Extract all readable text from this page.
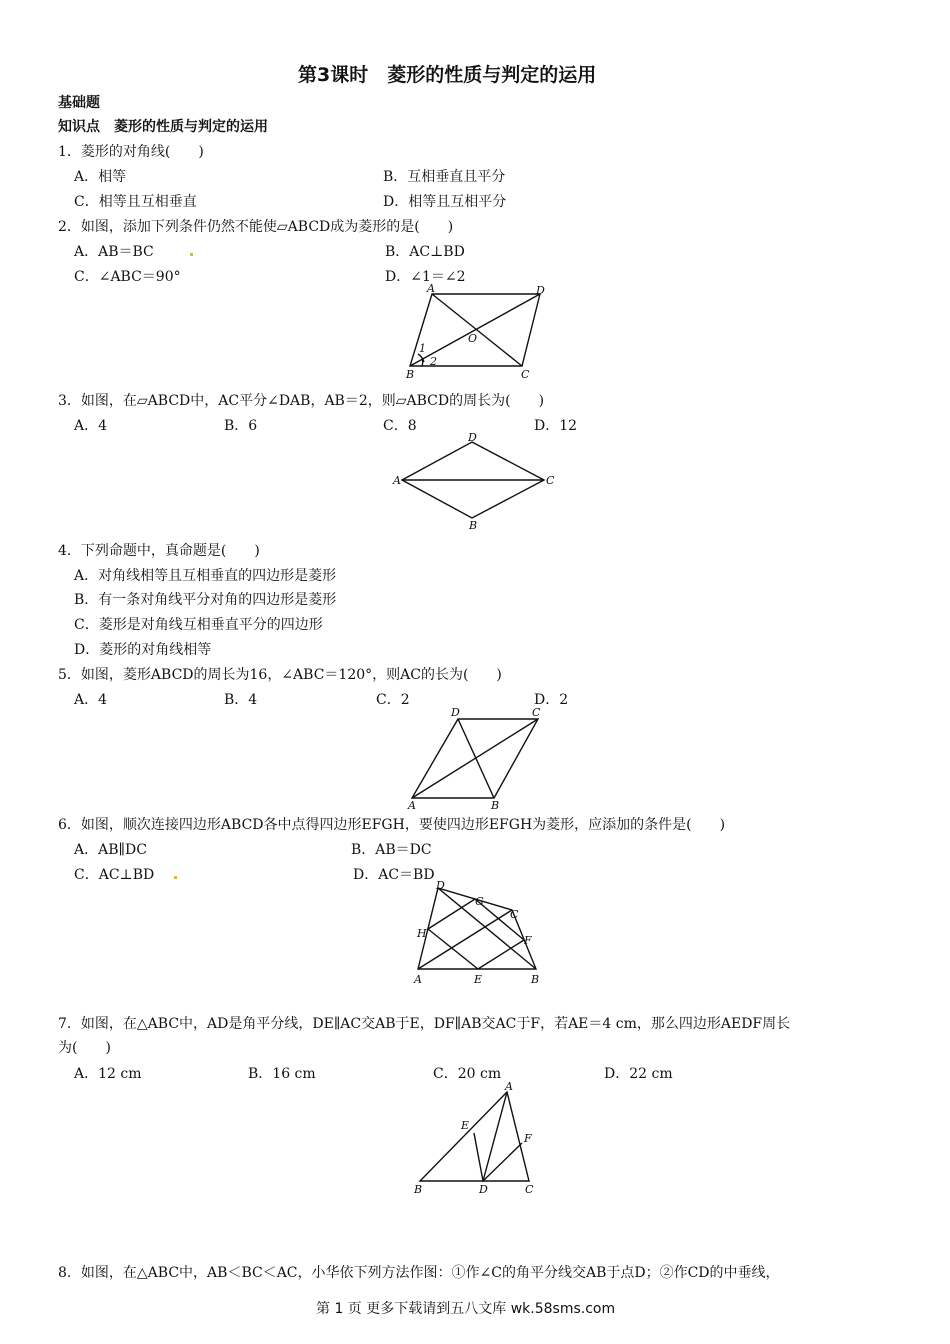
第3课时　菱形的性质与判定的运用
基础题
知识点　菱形的性质与判定的运用
1．菱形的对角线(　　)
A．相等	B．互相垂直且平分
C．相等且互相垂直	D．相等且互相平分
2．如图，添加下列条件仍然不能使▱ABCD成为菱形的是(　　)
A．AB＝BC	B．AC⊥BD
C．∠ABC＝90°	D．∠1＝∠2
A	D
O
B	C
1
2
3．如图，在▱ABCD中，AC平分∠DAB，AB＝2，则▱ABCD的周长为(　　)
A．4	B．6	C．8	D．12
D
A	C
B
4．下列命题中，真命题是(　　)
A．对角线相等且互相垂直的四边形是菱形
B．有一条对角线平分对角的四边形是菱形
C．菱形是对角线互相垂直平分的四边形
D．菱形的对角线相等
5．如图，菱形ABCD的周长为16，∠ABC＝120°，则AC的长为(　　)
A．4	B．4	C．2	D．2
D	C
A	B
6．如图，顺次连接四边形ABCD各中点得四边形EFGH，要使四边形EFGH为菱形，应添加的条件是(　　)
A．AB∥DC	B．AB＝DC
C．AC⊥BD	D．AC＝BD
D
G
C
H
F
A	E	B
7．如图，在△ABC中，AD是角平分线，DE∥AC交AB于E，DF∥AB交AC于F，若AE＝4 cm，那么四边形AEDF周长
为(　　)
A．12 cm	B．16 cm	C．20 cm	D．22 cm
A
E
F
B	D	C
8．如图，在△ABC中，AB＜BC＜AC，小华依下列方法作图：①作∠C的角平分线交AB于点D；②作CD的中垂线，
第 1 页 更多下载请到五八文库 wk.58sms.com
